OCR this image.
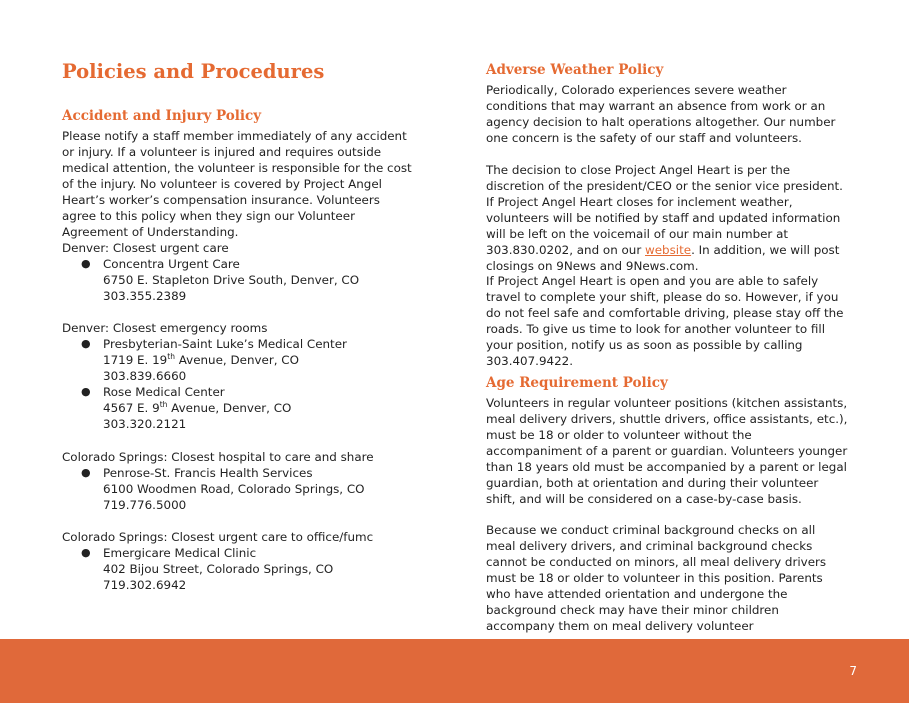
Policies and Procedures
Accident and Injury Policy

Please notify a staff member immediately of any accident or injury. If a volunteer is injured and requires outside medical attention, the volunteer is responsible for the cost of the injury. No volunteer is covered by Project Angel Heart’s worker’s compensation insurance. Volunteers agree to this policy when they sign our Volunteer Agreement of Understanding.

Denver: Closest urgent care

● Concentra Urgent Care
6750 E. Stapleton Drive South, Denver, CO
303.355.2389

Denver: Closest emergency rooms

● Presbyterian-Saint Luke’s Medical Center
1719 E. 19th Avenue, Denver, CO
303.839.6660
● Rose Medical Center
4567 E. 9th Avenue, Denver, CO
303.320.2121

Colorado Springs: Closest hospital to care and share

● Penrose-St. Francis Health Services
6100 Woodmen Road, Colorado Springs, CO
719.776.5000

Colorado Springs: Closest urgent care to office/fumc

● Emergicare Medical Clinic
402 Bijou Street, Colorado Springs, CO
719.302.6942
Adverse Weather Policy

Periodically, Colorado experiences severe weather conditions that may warrant an absence from work or an agency decision to halt operations altogether. Our number one concern is the safety of our staff and volunteers.

The decision to close Project Angel Heart is per the discretion of the president/CEO or the senior vice president. If Project Angel Heart closes for inclement weather, volunteers will be notified by staff and updated information will be left on the voicemail of our main number at 303.830.0202, and on our website. In addition, we will post closings on 9News and 9News.com.

If Project Angel Heart is open and you are able to safely travel to complete your shift, please do so. However, if you do not feel safe and comfortable driving, please stay off the roads. To give us time to look for another volunteer to fill your position, notify us as soon as possible by calling 303.407.9422.

Age Requirement Policy

Volunteers in regular volunteer positions (kitchen assistants, meal delivery drivers, shuttle drivers, office assistants, etc.), must be 18 or older to volunteer without the accompaniment of a parent or guardian. Volunteers younger than 18 years old must be accompanied by a parent or legal guardian, both at orientation and during their volunteer shift, and will be considered on a case-by-case basis.

Because we conduct criminal background checks on all meal delivery drivers, and criminal background checks cannot be conducted on minors, all meal delivery drivers must be 18 or older to volunteer in this position. Parents who have attended orientation and undergone the background check may have their minor children accompany them on meal delivery volunteer

7
